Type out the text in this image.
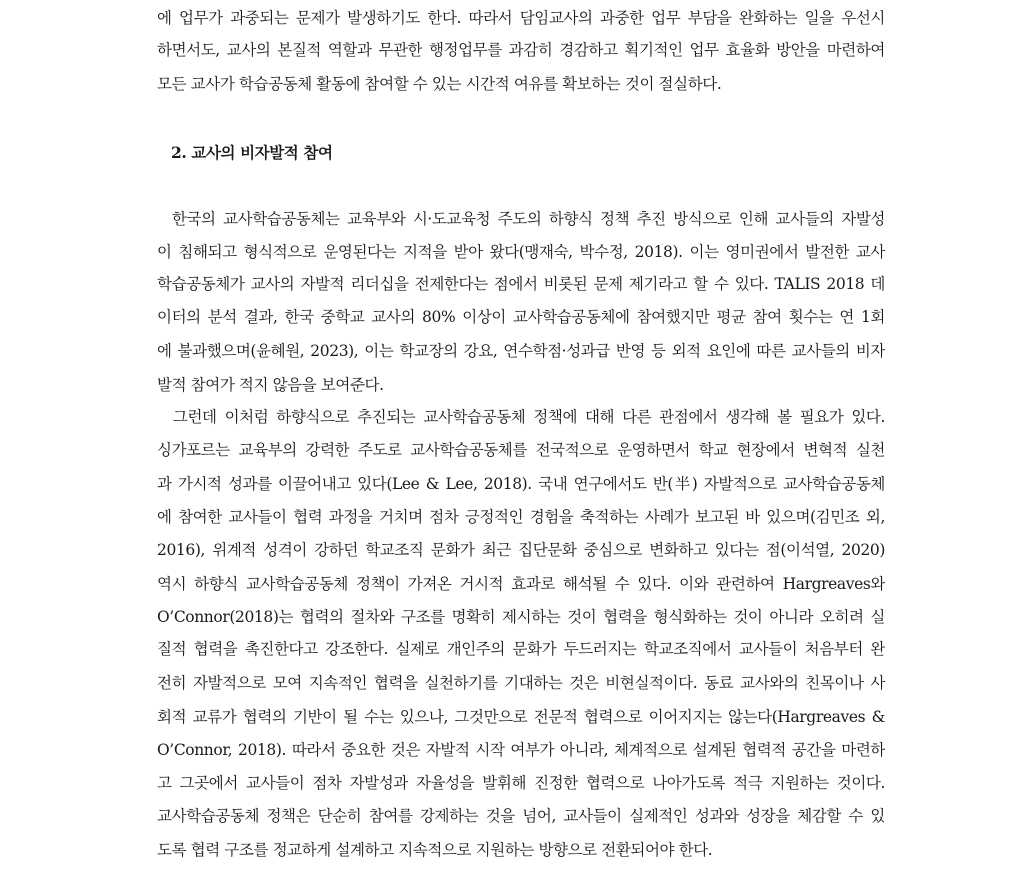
에 업무가 과중되는 문제가 발생하기도 한다. 따라서 담임교사의 과중한 업무 부담을 완화하는 일을 우선시
하면서도, 교사의 본질적 역할과 무관한 행정업무를 과감히 경감하고 획기적인 업무 효율화 방안을 마련하여
모든 교사가 학습공동체 활동에 참여할 수 있는 시간적 여유를 확보하는 것이 절실하다.
2. 교사의 비자발적 참여
한국의 교사학습공동체는 교육부와 시·도교육청 주도의 하향식 정책 추진 방식으로 인해 교사들의 자발성
이 침해되고 형식적으로 운영된다는 지적을 받아 왔다(맹재숙, 박수정, 2018). 이는 영미권에서 발전한 교사
학습공동체가 교사의 자발적 리더십을 전제한다는 점에서 비롯된 문제 제기라고 할 수 있다. TALIS 2018 데
이터의 분석 결과, 한국 중학교 교사의 80% 이상이 교사학습공동체에 참여했지만 평균 참여 횟수는 연 1회
에 불과했으며(윤혜원, 2023), 이는 학교장의 강요, 연수학점·성과급 반영 등 외적 요인에 따른 교사들의 비자
발적 참여가 적지 않음을 보여준다.
그런데 이처럼 하향식으로 추진되는 교사학습공동체 정책에 대해 다른 관점에서 생각해 볼 필요가 있다.
싱가포르는 교육부의 강력한 주도로 교사학습공동체를 전국적으로 운영하면서 학교 현장에서 변혁적 실천
과 가시적 성과를 이끌어내고 있다(Lee & Lee, 2018). 국내 연구에서도 반(半) 자발적으로 교사학습공동체
에 참여한 교사들이 협력 과정을 거치며 점차 긍정적인 경험을 축적하는 사례가 보고된 바 있으며(김민조 외,
2016), 위계적 성격이 강하던 학교조직 문화가 최근 집단문화 중심으로 변화하고 있다는 점(이석열, 2020)
역시 하향식 교사학습공동체 정책이 가져온 거시적 효과로 해석될 수 있다. 이와 관련하여 Hargreaves와
O’Connor(2018)는 협력의 절차와 구조를 명확히 제시하는 것이 협력을 형식화하는 것이 아니라 오히려 실
질적 협력을 촉진한다고 강조한다. 실제로 개인주의 문화가 두드러지는 학교조직에서 교사들이 처음부터 완
전히 자발적으로 모여 지속적인 협력을 실천하기를 기대하는 것은 비현실적이다. 동료 교사와의 친목이나 사
회적 교류가 협력의 기반이 될 수는 있으나, 그것만으로 전문적 협력으로 이어지지는 않는다(Hargreaves &
O’Connor, 2018). 따라서 중요한 것은 자발적 시작 여부가 아니라, 체계적으로 설계된 협력적 공간을 마련하
고 그곳에서 교사들이 점차 자발성과 자율성을 발휘해 진정한 협력으로 나아가도록 적극 지원하는 것이다.
교사학습공동체 정책은 단순히 참여를 강제하는 것을 넘어, 교사들이 실제적인 성과와 성장을 체감할 수 있
도록 협력 구조를 정교하게 설계하고 지속적으로 지원하는 방향으로 전환되어야 한다.
